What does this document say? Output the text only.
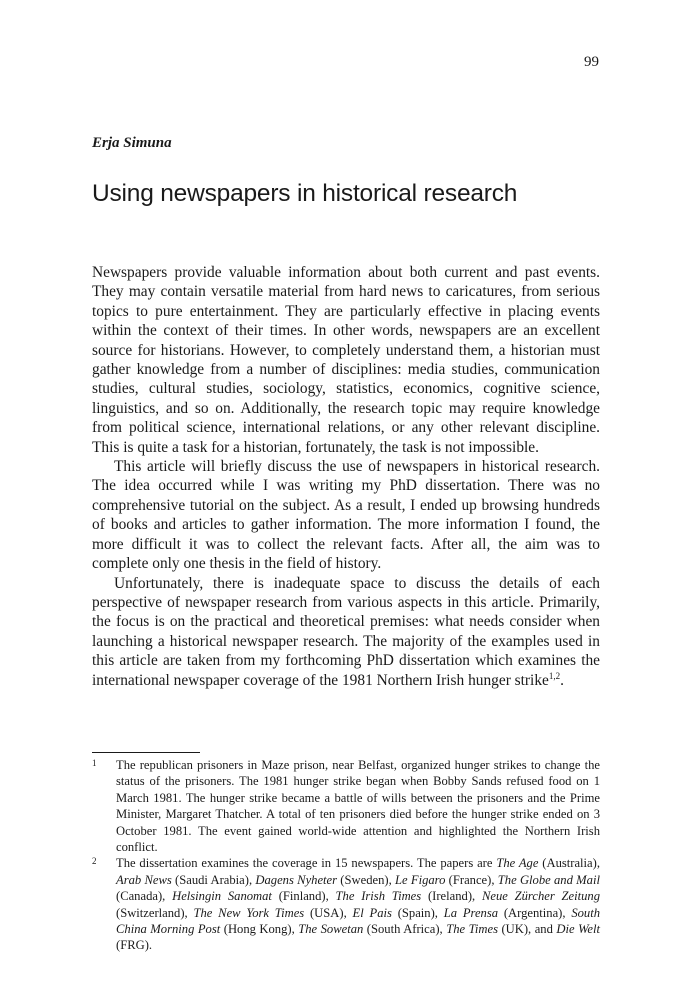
99
Erja Simuna
Using newspapers in historical research

Newspapers provide valuable information about both current and past events. They may contain versatile material from hard news to caricatures, from serious topics to pure entertainment. They are particularly effective in placing events within the context of their times. In other words, newspapers are an excellent source for historians. However, to completely understand them, a historian must gather knowledge from a number of disciplines: media studies, communication studies, cultural studies, sociology, statistics, economics, cognitive science, linguistics, and so on. Additionally, the research topic may require knowledge from political science, international relations, or any other relevant discipline. This is quite a task for a historian, fortunately, the task is not impossible.

This article will briefly discuss the use of newspapers in historical research. The idea occurred while I was writing my PhD dissertation. There was no comprehensive tutorial on the subject. As a result, I ended up browsing hundreds of books and articles to gather information. The more information I found, the more difficult it was to collect the relevant facts. After all, the aim was to complete only one thesis in the field of history.

Unfortunately, there is inadequate space to discuss the details of each perspective of newspaper research from various aspects in this article. Primarily, the focus is on the practical and theoretical premises: what needs consider when launching a historical newspaper research. The majority of the examples used in this article are taken from my forthcoming PhD dissertation which examines the international newspaper coverage of the 1981 Northern Irish hunger strike$^{1,2}$.

1 The republican prisoners in Maze prison, near Belfast, organized hunger strikes to change the status of the prisoners. The 1981 hunger strike began when Bobby Sands refused food on 1 March 1981. The hunger strike became a battle of wills between the prisoners and the Prime Minister, Margaret Thatcher. A total of ten prisoners died before the hunger strike ended on 3 October 1981. The event gained world-wide attention and highlighted the Northern Irish conflict.
2 The dissertation examines the coverage in 15 newspapers. The papers are The Age (Australia), Arab News (Saudi Arabia), Dagens Nyheter (Sweden), Le Figaro (France), The Globe and Mail (Canada), Helsingin Sanomat (Finland), The Irish Times (Ireland), Neue Zürcher Zeitung (Switzerland), The New York Times (USA), El Pais (Spain), La Prensa (Argentina), South China Morning Post (Hong Kong), The Sowetan (South Africa), The Times (UK), and Die Welt (FRG).
